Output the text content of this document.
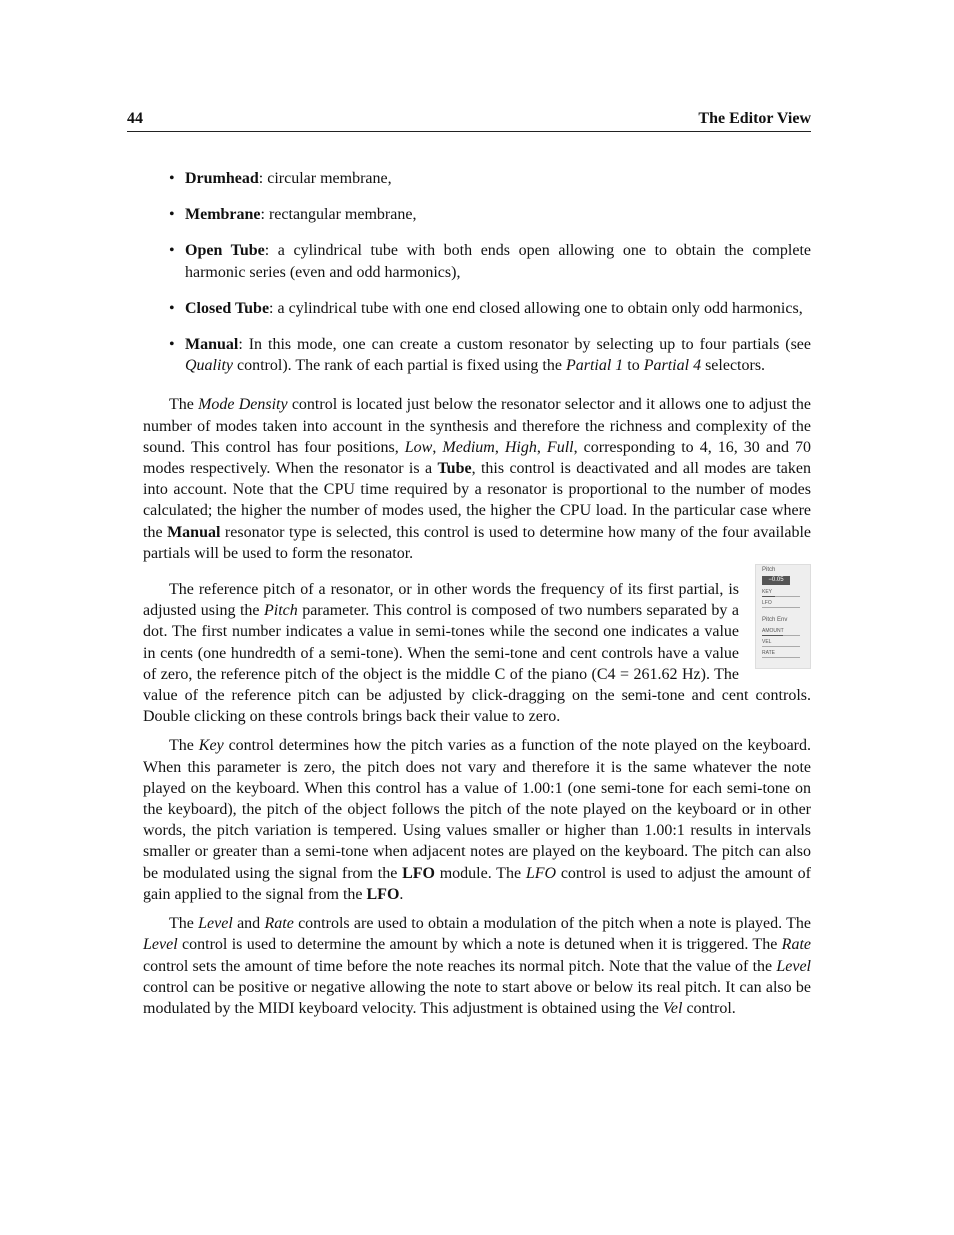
44	The Editor View
• Drumhead: circular membrane,
• Membrane: rectangular membrane,
• Open Tube: a cylindrical tube with both ends open allowing one to obtain the complete harmonic series (even and odd harmonics),
• Closed Tube: a cylindrical tube with one end closed allowing one to obtain only odd harmonics,
• Manual: In this mode, one can create a custom resonator by selecting up to four partials (see Quality control). The rank of each partial is fixed using the Partial 1 to Partial 4 selectors.

The Mode Density control is located just below the resonator selector and it allows one to adjust the number of modes taken into account in the synthesis and therefore the richness and complexity of the sound. This control has four positions, Low, Medium, High, Full, corresponding to 4, 16, 30 and 70 modes respectively. When the resonator is a Tube, this control is deactivated and all modes are taken into account. Note that the CPU time required by a resonator is proportional to the number of modes calculated; the higher the number of modes used, the higher the CPU load. In the particular case where the Manual resonator type is selected, this control is used to determine how many of the four available partials will be used to form the resonator.

Pitch
−0.05
KEY
LFO
Pitch Env
AMOUNT
VEL
RATE

The reference pitch of a resonator, or in other words the frequency of its first partial, is adjusted using the Pitch parameter. This control is composed of two numbers separated by a dot. The first number indicates a value in semi-tones while the second one indicates a value in cents (one hundredth of a semi-tone). When the semi-tone and cent controls have a value of zero, the reference pitch of the object is the middle C of the piano (C4 = 261.62 Hz). The value of the reference pitch can be adjusted by click-dragging on the semi-tone and cent controls. Double clicking on these controls brings back their value to zero.

The Key control determines how the pitch varies as a function of the note played on the keyboard. When this parameter is zero, the pitch does not vary and therefore it is the same whatever the note played on the keyboard. When this control has a value of 1.00:1 (one semi-tone for each semi-tone on the keyboard), the pitch of the object follows the pitch of the note played on the keyboard or in other words, the pitch variation is tempered. Using values smaller or higher than 1.00:1 results in intervals smaller or greater than a semi-tone when adjacent notes are played on the keyboard. The pitch can also be modulated using the signal from the LFO module. The LFO control is used to adjust the amount of gain applied to the signal from the LFO.

The Level and Rate controls are used to obtain a modulation of the pitch when a note is played. The Level control is used to determine the amount by which a note is detuned when it is triggered. The Rate control sets the amount of time before the note reaches its normal pitch. Note that the value of the Level control can be positive or negative allowing the note to start above or below its real pitch. It can also be modulated by the MIDI keyboard velocity. This adjustment is obtained using the Vel control.
